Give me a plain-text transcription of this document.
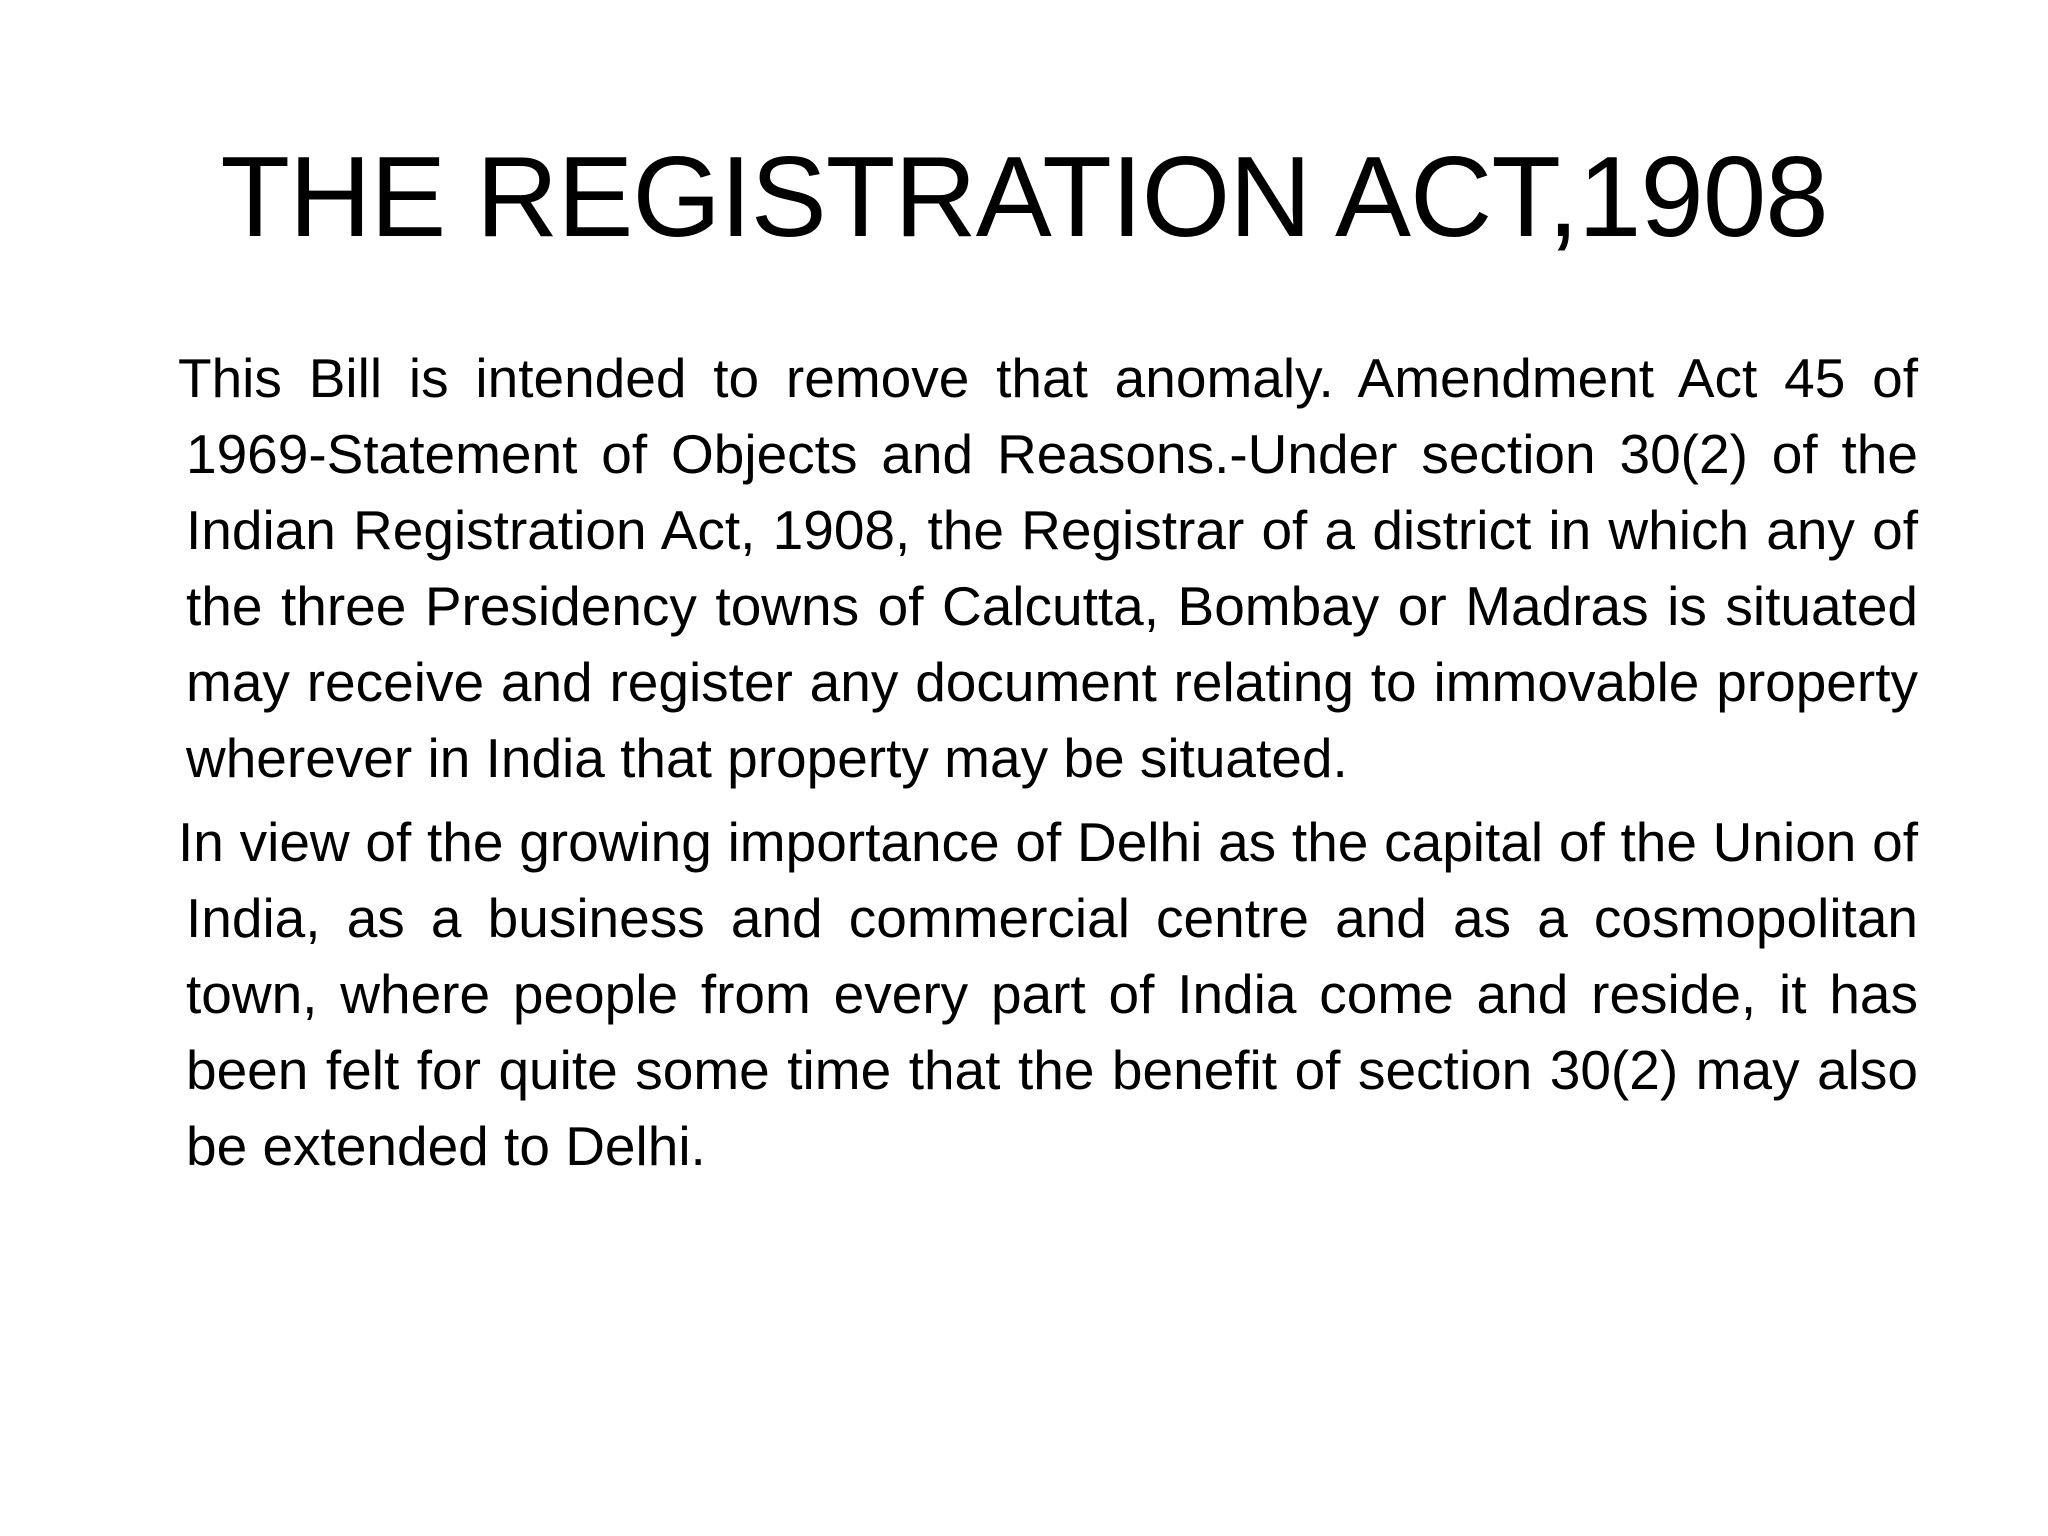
THE REGISTRATION ACT,1908

This Bill is intended to remove that anomaly. Amendment Act 45 of 1969-Statement of Objects and Reasons.-Under section 30(2) of the Indian Registration Act, 1908, the Registrar of a district in which any of the three Presidency towns of Calcutta, Bombay or Madras is situated may receive and register any document relating to immovable property wherever in India that property may be situated.

In view of the growing importance of Delhi as the capital of the Union of India, as a business and commercial centre and as a cosmopolitan town, where people from every part of India come and reside, it has been felt for quite some time that the benefit of section 30(2) may also be extended to Delhi.
